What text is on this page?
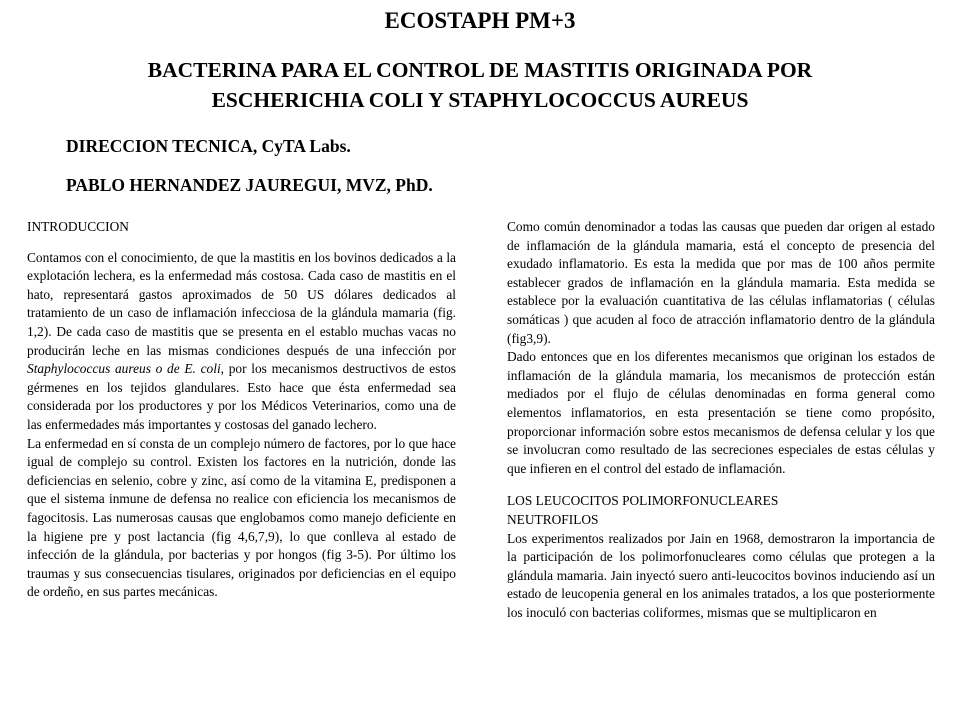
ECOSTAPH PM+3
BACTERINA PARA EL CONTROL DE MASTITIS ORIGINADA POR
ESCHERICHIA COLI Y STAPHYLOCOCCUS AUREUS

DIRECCION TECNICA, CyTA Labs.

PABLO HERNANDEZ JAUREGUI, MVZ, PhD.

INTRODUCCION

Contamos con el conocimiento, de que la mastitis en los bovinos dedicados a la explotación lechera, es la enfermedad más costosa. Cada caso de mastitis en el hato, representará gastos aproximados de 50 US dólares dedicados al tratamiento de un caso de inflamación infecciosa de la glándula mamaria (fig. 1,2). De cada caso de mastitis que se presenta en el establo muchas vacas no producirán leche en las mismas condiciones después de una infección por Staphylococcus aureus o de E. coli, por los mecanismos destructivos de estos gérmenes en los tejidos glandulares. Esto hace que ésta enfermedad sea considerada por los productores y por los Médicos Veterinarios, como una de las enfermedades más importantes y costosas del ganado lechero.

La enfermedad en sí consta de un complejo número de factores, por lo que hace igual de complejo su control. Existen los factores en la nutrición, donde las deficiencias en selenio, cobre y zinc, así como de la vitamina E, predisponen a que el sistema inmune de defensa no realice con eficiencia los mecanismos de fagocitosis. Las numerosas causas que englobamos como manejo deficiente en la higiene pre y post lactancia (fig 4,6,7,9), lo que conlleva al estado de infección de la glándula, por bacterias y por hongos (fig 3-5). Por último los traumas y sus consecuencias tisulares, originados por deficiencias en el equipo de ordeño, en sus partes mecánicas.

Como común denominador a todas las causas que pueden dar origen al estado de inflamación de la glándula mamaria, está el concepto de presencia del exudado inflamatorio. Es esta la medida que por mas de 100 años permite establecer grados de inflamación en la glándula mamaria. Esta medida se establece por la evaluación cuantitativa de las células inflamatorias ( células somáticas ) que acuden al foco de atracción inflamatorio dentro de la glándula (fig3,9).

Dado entonces que en los diferentes mecanismos que originan los estados de inflamación de la glándula mamaria, los mecanismos de protección están mediados por el flujo de células denominadas en forma general como elementos inflamatorios, en esta presentación se tiene como propósito, proporcionar información sobre estos mecanismos de defensa celular y los que se involucran como resultado de las secreciones especiales de estas células y que infieren en el control del estado de inflamación.

LOS LEUCOCITOS POLIMORFONUCLEARES
NEUTROFILOS

Los experimentos realizados por Jain en 1968, demostraron la importancia de la participación de los polimorfonucleares como células que protegen a la glándula mamaria. Jain inyectó suero anti-leucocitos bovinos induciendo así un estado de leucopenia general en los animales tratados, a los que posteriormente los inoculó con bacterias coliformes, mismas que se multiplicaron en
